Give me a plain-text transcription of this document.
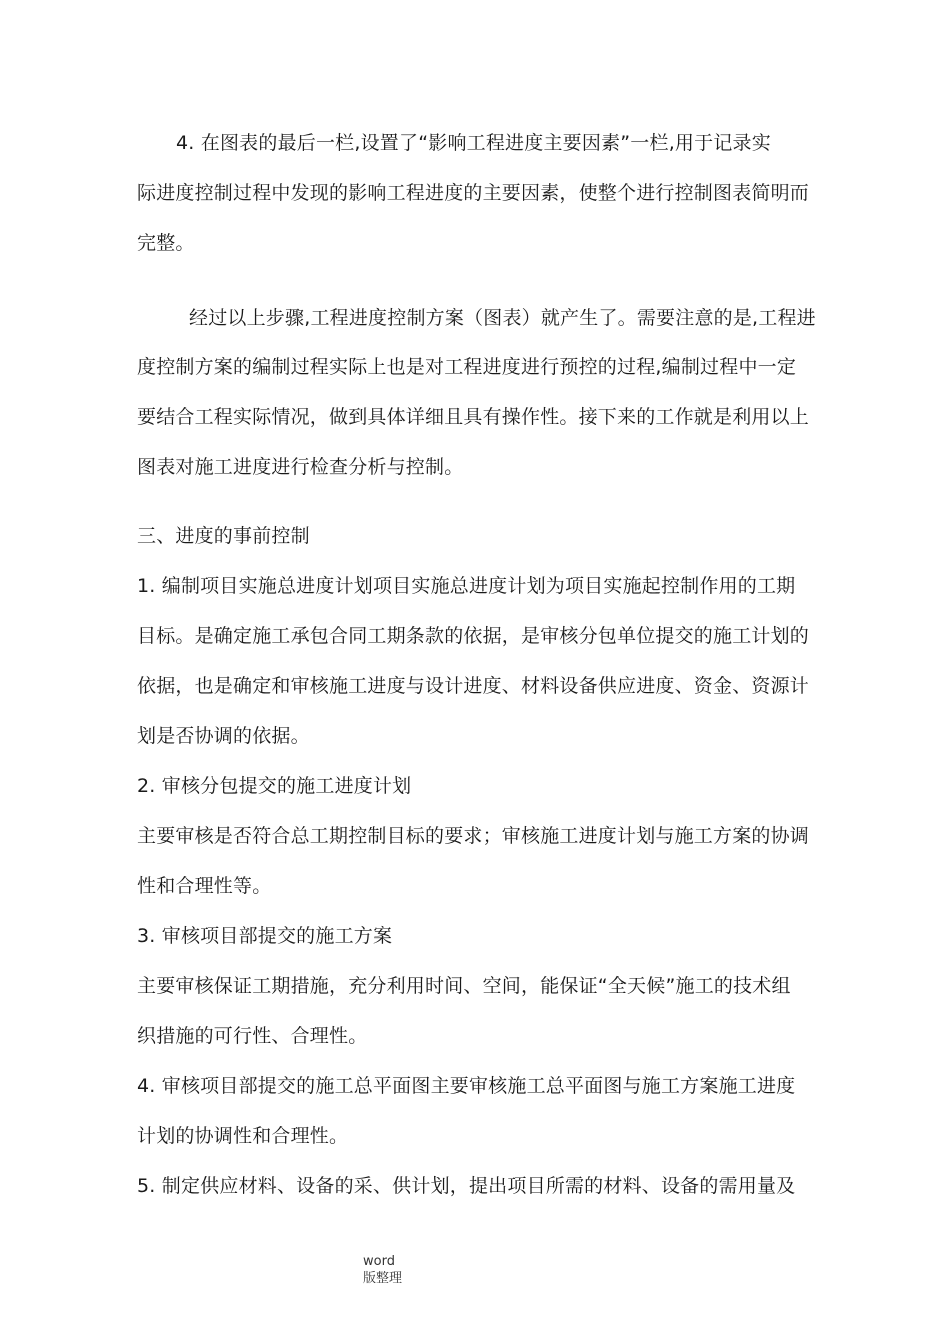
4. 在图表的最后一栏,设置了“影响工程进度主要因素”一栏,用于记录实
际进度控制过程中发现的影响工程进度的主要因素，使整个进行控制图表简明而
完整。
经过以上步骤,工程进度控制方案（图表）就产生了。需要注意的是,工程进
度控制方案的编制过程实际上也是对工程进度进行预控的过程,编制过程中一定
要结合工程实际情况，做到具体详细且具有操作性。接下来的工作就是利用以上
图表对施工进度进行检查分析与控制。
三、进度的事前控制
1. 编制项目实施总进度计划项目实施总进度计划为项目实施起控制作用的工期
目标。是确定施工承包合同工期条款的依据，是审核分包单位提交的施工计划的
依据，也是确定和审核施工进度与设计进度、材料设备供应进度、资金、资源计
划是否协调的依据。
2. 审核分包提交的施工进度计划
主要审核是否符合总工期控制目标的要求；审核施工进度计划与施工方案的协调
性和合理性等。
3. 审核项目部提交的施工方案
主要审核保证工期措施，充分利用时间、空间，能保证“全天候”施工的技术组
织措施的可行性、合理性。
4. 审核项目部提交的施工总平面图主要审核施工总平面图与施工方案施工进度
计划的协调性和合理性。
5. 制定供应材料、设备的采、供计划，提出项目所需的材料、设备的需用量及
word
版整理
